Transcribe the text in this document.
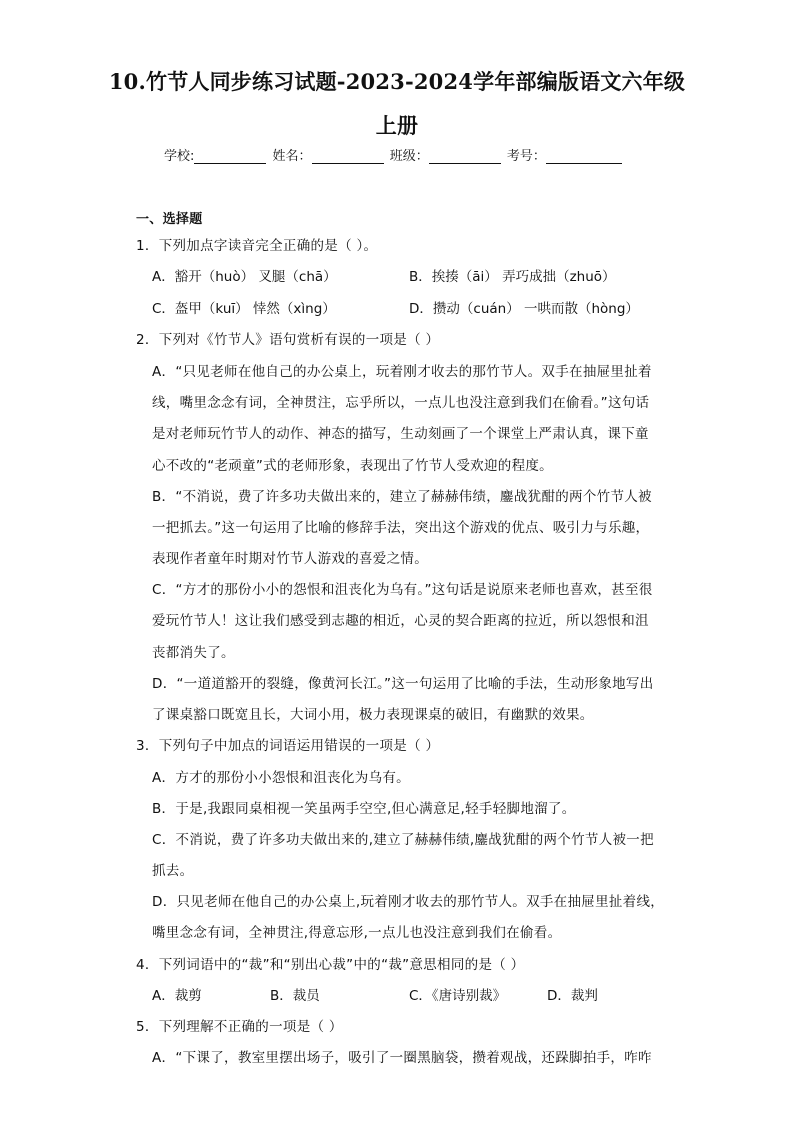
10.竹节人同步练习试题-2023-2024学年部编版语文六年级
上册
学校:	姓名：	班级：	考号：
一、选择题
1．下列加点字读音完全正确的是（ ）。
A．豁开（huò） 叉腿（chā）	B．挨揍（āi） 弄巧成拙（zhuō）
C．盔甲（kuī） 悻然（xìng）	D．攒动（cuán） 一哄而散（hòng）
2．下列对《竹节人》语句赏析有误的一项是（ ）
A．“只见老师在他自己的办公桌上，玩着刚才收去的那竹节人。双手在抽屉里扯着
线，嘴里念念有词，全神贯注，忘乎所以，一点儿也没注意到我们在偷看。”这句话
是对老师玩竹节人的动作、神态的描写，生动刻画了一个课堂上严肃认真，课下童
心不改的“老顽童”式的老师形象，表现出了竹节人受欢迎的程度。
B．“不消说，费了许多功夫做出来的，建立了赫赫伟绩，鏖战犹酣的两个竹节人被
一把抓去。”这一句运用了比喻的修辞手法，突出这个游戏的优点、吸引力与乐趣，
表现作者童年时期对竹节人游戏的喜爱之情。
C．“方才的那份小小的怨恨和沮丧化为乌有。”这句话是说原来老师也喜欢，甚至很
爱玩竹节人！这让我们感受到志趣的相近，心灵的契合距离的拉近，所以怨恨和沮
丧都消失了。
D．“一道道豁开的裂缝，像黄河长江。”这一句运用了比喻的手法，生动形象地写出
了课桌豁口既宽且长，大词小用，极力表现课桌的破旧，有幽默的效果。
3．下列句子中加点的词语运用错误的一项是（ ）
A．方才的那份小小怨恨和沮丧化为乌有。
B．于是,我跟同桌相视一笑虽两手空空,但心满意足,轻手轻脚地溜了。
C．不消说，费了许多功夫做出来的,建立了赫赫伟绩,鏖战犹酣的两个竹节人被一把
抓去。
D．只见老师在他自己的办公桌上,玩着刚才收去的那竹节人。双手在抽屉里扯着线，
嘴里念念有词，全神贯注,得意忘形,一点儿也没注意到我们在偷看。
4．下列词语中的“裁”和“别出心裁”中的“裁”意思相同的是（ ）
A．裁剪	B．裁员	C．《唐诗别裁》	D．裁判
5．下列理解不正确的一项是（ ）
A．“下课了，教室里摆出场子，吸引了一圈黑脑袋，攒着观战，还跺脚拍手，咋咋
